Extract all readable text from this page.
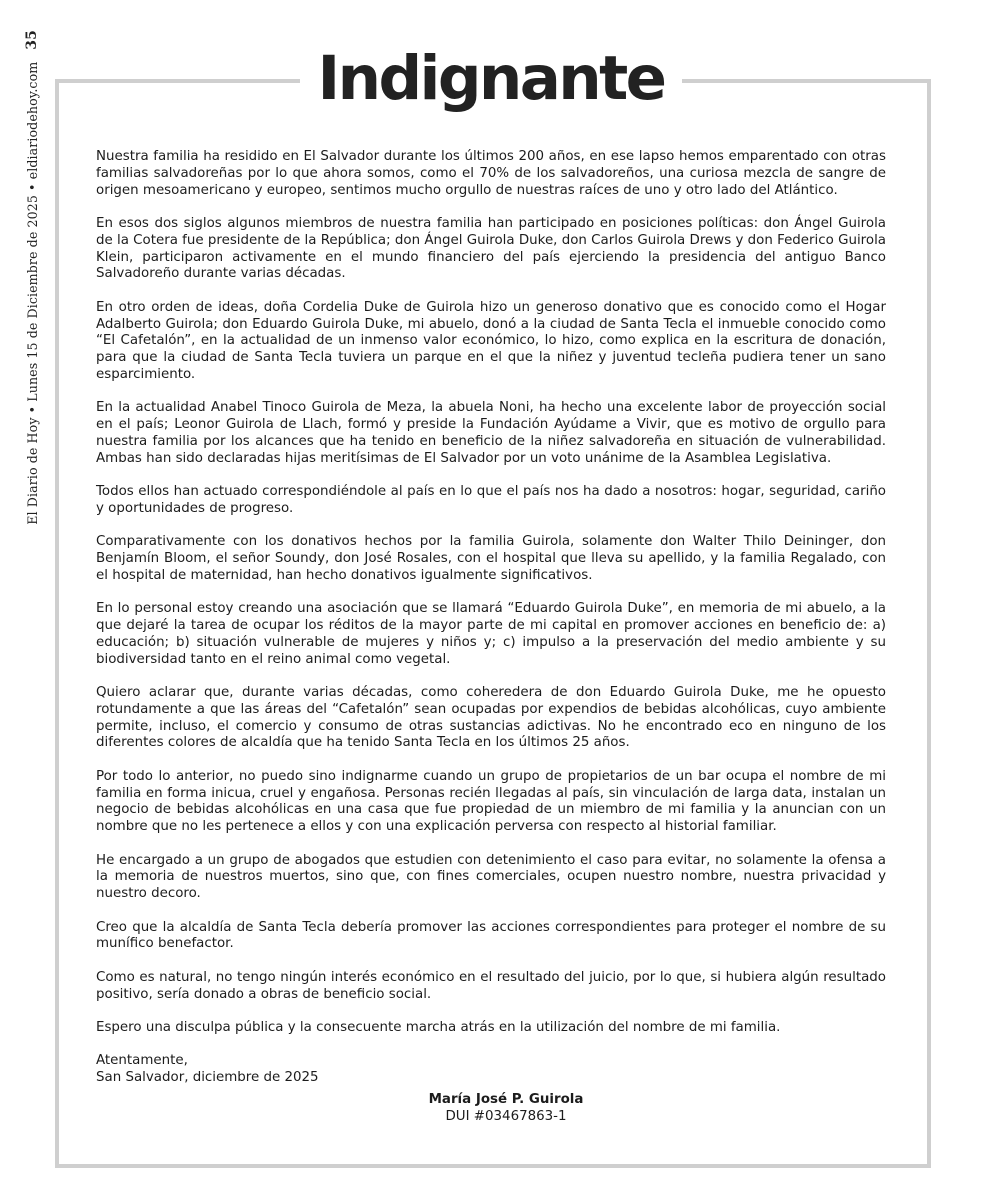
El Diario de Hoy • Lunes 15 de Diciembre de 2025 • eldiariodehoy.com
35
Indignante

Nuestra familia ha residido en El Salvador durante los últimos 200 años, en ese lapso hemos emparentado con otras familias salvadoreñas por lo que ahora somos, como el 70% de los salvadoreños, una curiosa mezcla de sangre de origen mesoamericano y europeo, sentimos mucho orgullo de nuestras raíces de uno y otro lado del Atlántico.

En esos dos siglos algunos miembros de nuestra familia han participado en posiciones políticas: don Ángel Guirola de la Cotera fue presidente de la República; don Ángel Guirola Duke, don Carlos Guirola Drews y don Federico Guirola Klein, participaron activamente en el mundo financiero del país ejerciendo la presidencia del antiguo Banco Salvadoreño durante varias décadas.

En otro orden de ideas, doña Cordelia Duke de Guirola hizo un generoso donativo que es conocido como el Hogar Adalberto Guirola; don Eduardo Guirola Duke, mi abuelo, donó a la ciudad de Santa Tecla el inmueble conocido como “El Cafetalón”, en la actualidad de un inmenso valor económico, lo hizo, como explica en la escritura de donación, para que la ciudad de Santa Tecla tuviera un parque en el que la niñez y juventud tecleña pudiera tener un sano esparcimiento.

En la actualidad Anabel Tinoco Guirola de Meza, la abuela Noni, ha hecho una excelente labor de proyección social en el país; Leonor Guirola de Llach, formó y preside la Fundación Ayúdame a Vivir, que es motivo de orgullo para nuestra familia por los alcances que ha tenido en beneficio de la niñez salvadoreña en situación de vulnerabilidad. Ambas han sido declaradas hijas meritísimas de El Salvador por un voto unánime de la Asamblea Legislativa.

Todos ellos han actuado correspondiéndole al país en lo que el país nos ha dado a nosotros: hogar, seguridad, cariño y oportunidades de progreso.

Comparativamente con los donativos hechos por la familia Guirola, solamente don Walter Thilo Deininger, don Benjamín Bloom, el señor Soundy, don José Rosales, con el hospital que lleva su apellido, y la familia Regalado, con el hospital de maternidad, han hecho donativos igualmente significativos.

En lo personal estoy creando una asociación que se llamará “Eduardo Guirola Duke”, en memoria de mi abuelo, a la que dejaré la tarea de ocupar los réditos de la mayor parte de mi capital en promover acciones en beneficio de: a) educación; b) situación vulnerable de mujeres y niños y; c) impulso a la preservación del medio ambiente y su biodiversidad tanto en el reino animal como vegetal.

Quiero aclarar que, durante varias décadas, como coheredera de don Eduardo Guirola Duke, me he opuesto rotundamente a que las áreas del “Cafetalón” sean ocupadas por expendios de bebidas alcohólicas, cuyo ambiente permite, incluso, el comercio y consumo de otras sustancias adictivas. No he encontrado eco en ninguno de los diferentes colores de alcaldía que ha tenido Santa Tecla en los últimos 25 años.

Por todo lo anterior, no puedo sino indignarme cuando un grupo de propietarios de un bar ocupa el nombre de mi familia en forma inicua, cruel y engañosa. Personas recién llegadas al país, sin vinculación de larga data, instalan un negocio de bebidas alcohólicas en una casa que fue propiedad de un miembro de mi familia y la anuncian con un nombre que no les pertenece a ellos y con una explicación perversa con respecto al historial familiar.

He encargado a un grupo de abogados que estudien con detenimiento el caso para evitar, no solamente la ofensa a la memoria de nuestros muertos, sino que, con fines comerciales, ocupen nuestro nombre, nuestra privacidad y nuestro decoro.

Creo que la alcaldía de Santa Tecla debería promover las acciones correspondientes para proteger el nombre de su munífico benefactor.

Como es natural, no tengo ningún interés económico en el resultado del juicio, por lo que, si hubiera algún resultado positivo, sería donado a obras de beneficio social.

Espero una disculpa pública y la consecuente marcha atrás en la utilización del nombre de mi familia.

Atentamente,
San Salvador, diciembre de 2025

María José P. Guirola
DUI #03467863-1
